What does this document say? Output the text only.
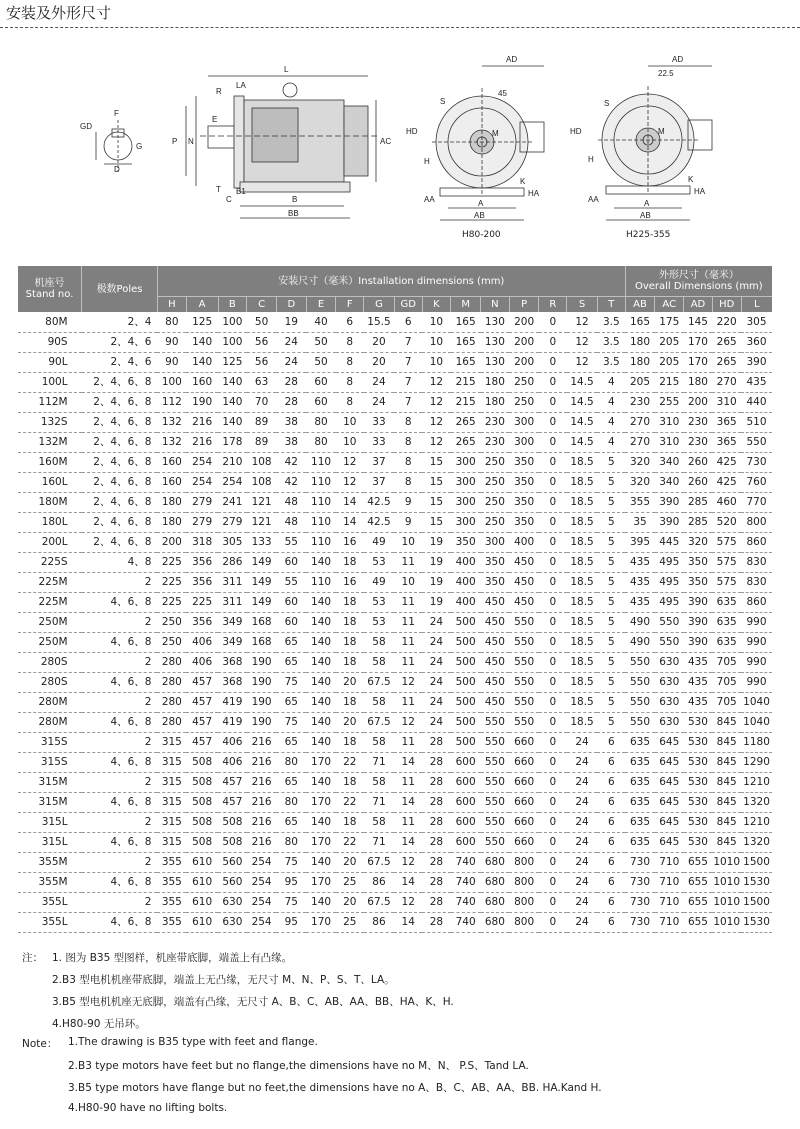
安装及外形尺寸
GD
F
G
D
L
LA
R
E
P N	AC
T
C
B1
B
BB
AD
S
45
HD	M
H
AA	A
AB
HA
K
AD
22.5
S
HD	M
H
AA	A
AB
HA
K
H80-200	H225-355
机座号
Stand no.	极数Poles	安装尺寸（毫米）Installation dimensions (mm)																外形尺寸（毫米）
Overall Dimensions (mm)				
		H	A	B	C	D	E	F	G	GD	K	M	N	P	R	S	T	AB	AC	AD	HD	L
80M	2、4	80	125	100	50	19	40	6	15.5	6	10	165	130	200	0	12	3.5	165	175	145	220	305
90S	2、4、6	90	140	100	56	24	50	8	20	7	10	165	130	200	0	12	3.5	180	205	170	265	360
90L	2、4、6	90	140	125	56	24	50	8	20	7	10	165	130	200	0	12	3.5	180	205	170	265	390
100L	2、4、6、8	100	160	140	63	28	60	8	24	7	12	215	180	250	0	14.5	4	205	215	180	270	435
112M	2、4、6、8	112	190	140	70	28	60	8	24	7	12	215	180	250	0	14.5	4	230	255	200	310	440
132S	2、4、6、8	132	216	140	89	38	80	10	33	8	12	265	230	300	0	14.5	4	270	310	230	365	510
132M	2、4、6、8	132	216	178	89	38	80	10	33	8	12	265	230	300	0	14.5	4	270	310	230	365	550
160M	2、4、6、8	160	254	210	108	42	110	12	37	8	15	300	250	350	0	18.5	5	320	340	260	425	730
160L	2、4、6、8	160	254	254	108	42	110	12	37	8	15	300	250	350	0	18.5	5	320	340	260	425	760
180M	2、4、6、8	180	279	241	121	48	110	14	42.5	9	15	300	250	350	0	18.5	5	355	390	285	460	770
180L	2、4、6、8	180	279	279	121	48	110	14	42.5	9	15	300	250	350	0	18.5	5	35	390	285	520	800
200L	2、4、6、8	200	318	305	133	55	110	16	49	10	19	350	300	400	0	18.5	5	395	445	320	575	860
225S	4、8	225	356	286	149	60	140	18	53	11	19	400	350	450	0	18.5	5	435	495	350	575	830
225M	2	225	356	311	149	55	110	16	49	10	19	400	350	450	0	18.5	5	435	495	350	575	830
225M	4、6、8	225	225	311	149	60	140	18	53	11	19	400	450	450	0	18.5	5	435	495	390	635	860
250M	2	250	356	349	168	60	140	18	53	11	24	500	450	550	0	18.5	5	490	550	390	635	990
250M	4、6、8	250	406	349	168	65	140	18	58	11	24	500	450	550	0	18.5	5	490	550	390	635	990
280S	2	280	406	368	190	65	140	18	58	11	24	500	450	550	0	18.5	5	550	630	435	705	990
280S	4、6、8	280	457	368	190	75	140	20	67.5	12	24	500	450	550	0	18.5	5	550	630	435	705	990
280M	2	280	457	419	190	65	140	18	58	11	24	500	450	550	0	18.5	5	550	630	435	705	1040
280M	4、6、8	280	457	419	190	75	140	20	67.5	12	24	500	550	550	0	18.5	5	550	630	530	845	1040
315S	2	315	457	406	216	65	140	18	58	11	28	500	550	660	0	24	6	635	645	530	845	1180
315S	4、6、8	315	508	406	216	80	170	22	71	14	28	600	550	660	0	24	6	635	645	530	845	1290
315M	2	315	508	457	216	65	140	18	58	11	28	600	550	660	0	24	6	635	645	530	845	1210
315M	4、6、8	315	508	457	216	80	170	22	71	14	28	600	550	660	0	24	6	635	645	530	845	1320
315L	2	315	508	508	216	65	140	18	58	11	28	600	550	660	0	24	6	635	645	530	845	1210
315L	4、6、8	315	508	508	216	80	170	22	71	14	28	600	550	660	0	24	6	635	645	530	845	1320
355M	2	355	610	560	254	75	140	20	67.5	12	28	740	680	800	0	24	6	730	710	655	1010	1500
355M	4、6、8	355	610	560	254	95	170	25	86	14	28	740	680	800	0	24	6	730	710	655	1010	1530
355L	2	355	610	630	254	75	140	20	67.5	12	28	740	680	800	0	24	6	730	710	655	1010	1500
355L	4、6、8	355	610	630	254	95	170	25	86	14	28	740	680	800	0	24	6	730	710	655	1010	1530
注： 1. 图为 B35 型图样，机座带底脚，端盖上有凸缘。
2.B3 型电机机座带底脚，端盖上无凸缘，无尺寸 M、N、P、S、T、LA。
3.B5 型电机机座无底脚，端盖有凸缘，无尺寸 A、B、C、AB、AA、BB、HA、K、H.
4.H80-90 无吊环。
Note： 1.The drawing is B35 type with feet and flange.
2.B3 type motors have feet but no flange,the dimensions have no M、N、 P.S、Tand LA.
3.B5 type motors have flange but no feet,the dimensions have no A、B、C、AB、AA、BB. HA.Kand H.
4.H80-90 have no lifting bolts.
